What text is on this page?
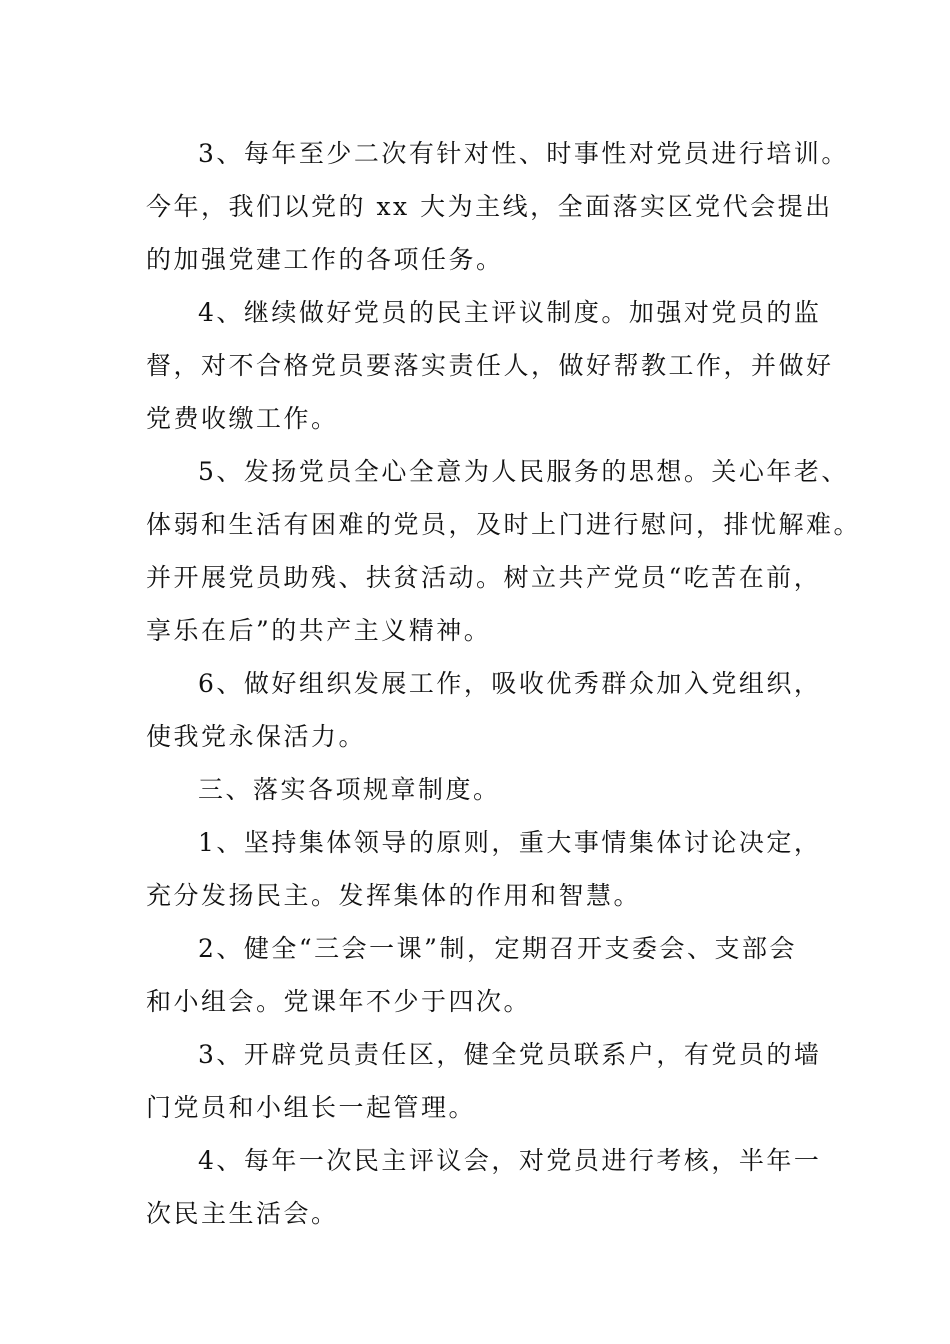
3、每年至少二次有针对性、时事性对党员进行培训。
今年，我们以党的 xx 大为主线，全面落实区党代会提出
的加强党建工作的各项任务。
4、继续做好党员的民主评议制度。加强对党员的监
督，对不合格党员要落实责任人，做好帮教工作，并做好
党费收缴工作。
5、发扬党员全心全意为人民服务的思想。关心年老、
体弱和生活有困难的党员，及时上门进行慰问，排忧解难。
并开展党员助残、扶贫活动。树立共产党员“吃苦在前，
享乐在后”的共产主义精神。
6、做好组织发展工作，吸收优秀群众加入党组织，
使我党永保活力。
三、落实各项规章制度。
1、坚持集体领导的原则，重大事情集体讨论决定，
充分发扬民主。发挥集体的作用和智慧。
2、健全“三会一课”制，定期召开支委会、支部会
和小组会。党课年不少于四次。
3、开辟党员责任区，健全党员联系户，有党员的墙
门党员和小组长一起管理。
4、每年一次民主评议会，对党员进行考核，半年一
次民主生活会。
